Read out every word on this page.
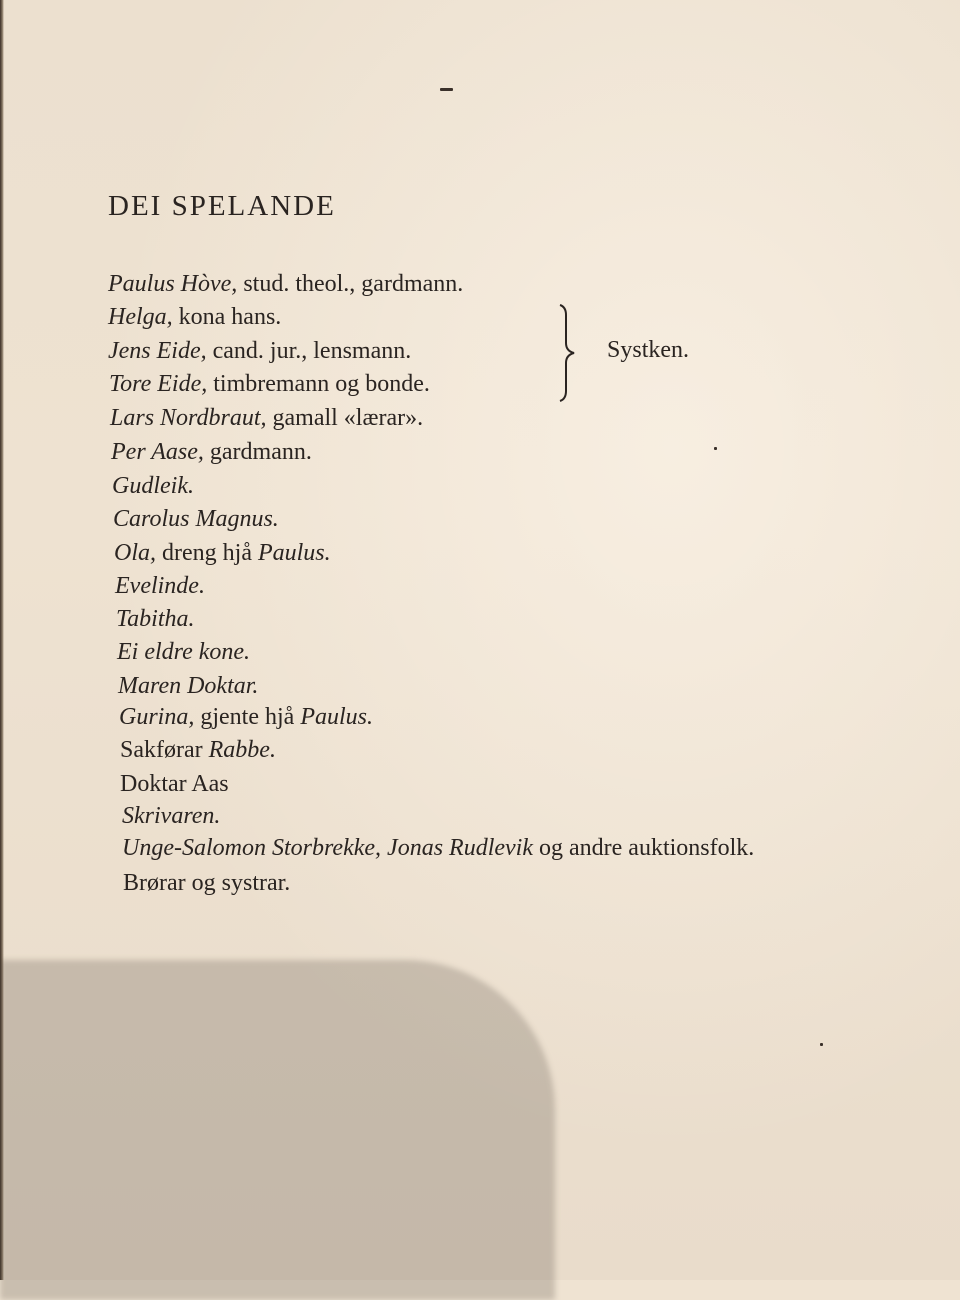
DEI SPELANDE
Paulus Hòve, stud. theol., gardmann.
Helga, kona hans.
Jens Eide, cand. jur., lensmann.
Tore Eide, timbremann og bonde.
Lars Nordbraut, gamall «lærar».
Per Aase, gardmann.
Gudleik.
Carolus Magnus.
Ola, dreng hjå Paulus.
Evelinde.
Tabitha.
Ei eldre kone.
Maren Doktar.
Gurina, gjente hjå Paulus.
Sakførar Rabbe.
Doktar Aas
Skrivaren.
Unge-Salomon Storbrekke, Jonas Rudlevik og andre auktionsfolk.
Brørar og systrar.
Systken.
